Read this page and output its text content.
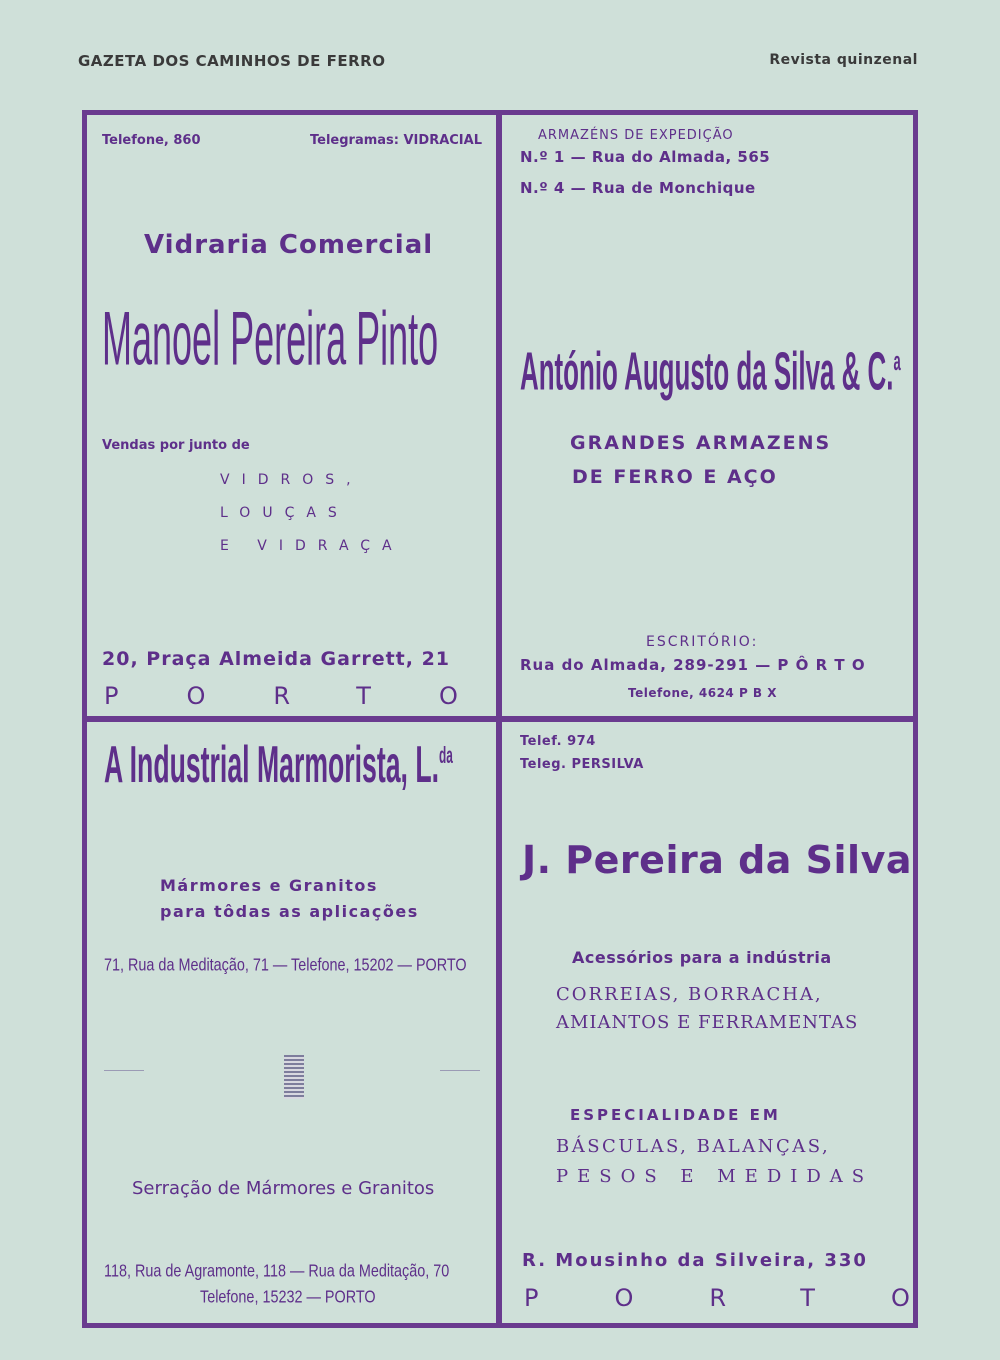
GAZETA DOS CAMINHOS DE FERRO	Revista quinzenal
Telefone, 860	Telegramas: VIDRACIAL
Vidraria Comercial
Manoel Pereira Pinto
Vendas por junto de
VIDROS,
LOUÇAS
E VIDRAÇA
20, Praça Almeida Garrett, 21
PORTO
ARMAZÉNS DE EXPEDIÇÃO
N.º 1 — Rua do Almada, 565
N.º 4 — Rua de Monchique
António Augusto da Silva & C.$^a$
GRANDES ARMAZENS
DE FERRO E AÇO
ESCRITÓRIO:
Rua do Almada, 289-291 — P Ô R T O
Telefone, 4624 P B X
A Industrial Marmorista, L.$^{da}$
Mármores e Granitos
para tôdas as aplicações
71, Rua da Meditação, 71 — Telefone, 15202 — PORTO
Serração de Mármores e Granitos
118, Rua de Agramonte, 118 — Rua da Meditação, 70
Telefone, 15232 — PORTO
Telef. 974
Teleg. PERSILVA
J. Pereira da Silva
Acessórios para a indústria
CORREIAS, BORRACHA,
AMIANTOS E FERRAMENTAS
ESPECIALIDADE EM
BÁSCULAS, BALANÇAS,
PESOS E MEDIDAS
R. Mousinho da Silveira, 330
PORTO
